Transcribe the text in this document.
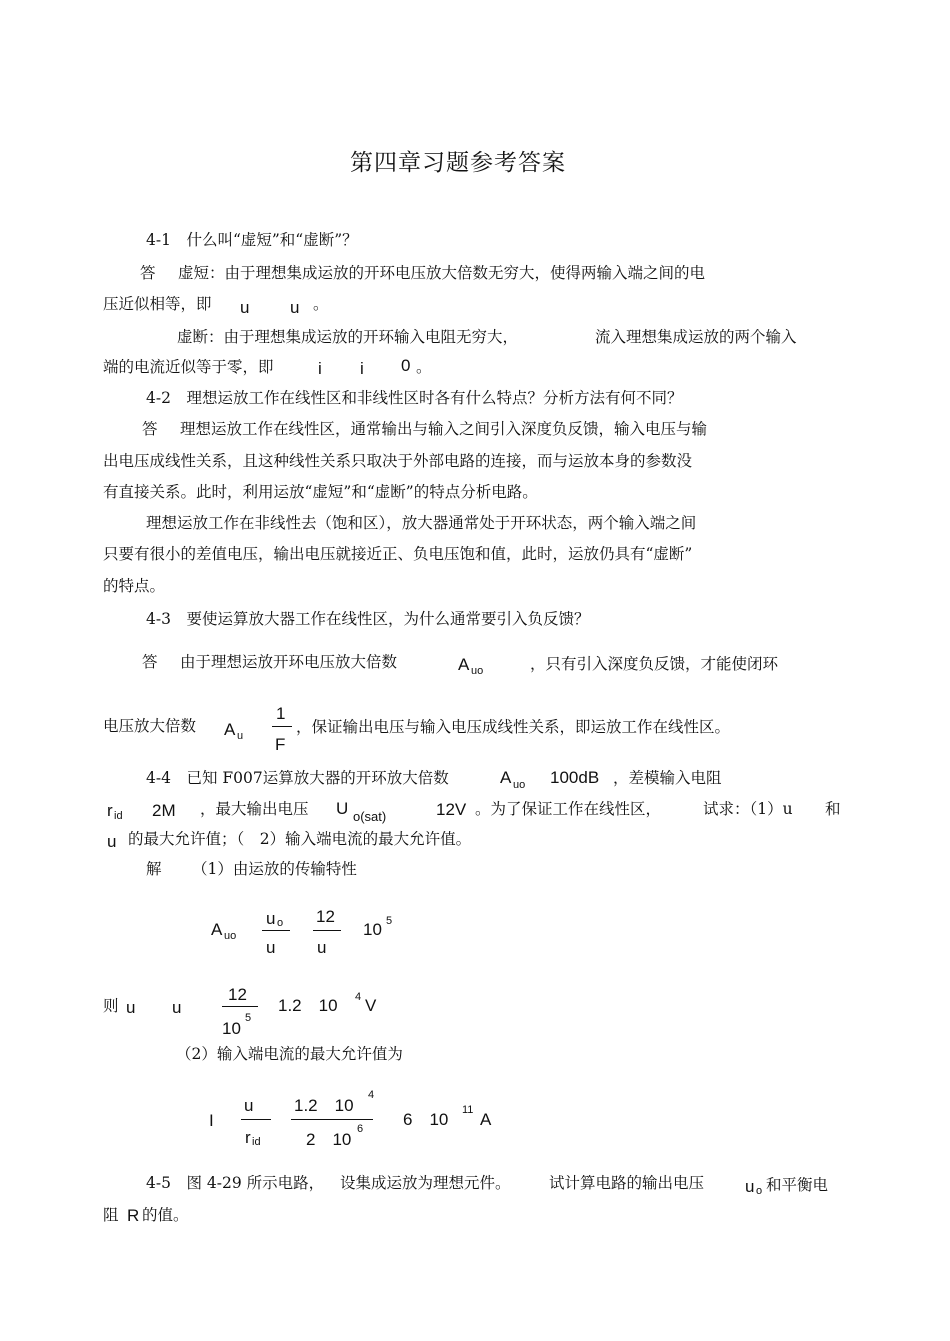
第四章习题参考答案
4-1　什么叫“虚短”和“虚断”？
答 虚短：由于理想集成运放的开环电压放大倍数无穷大，使得两输入端之间的电
压近似相等，即 u u 。
虚断：由于理想集成运放的开环输入电阻无穷大，	流入理想集成运放的两个输入
端的电流近似等于零，即	i i 0 。
4-2　理想运放工作在线性区和非线性区时各有什么特点？分析方法有何不同？
答 理想运放工作在线性区，通常输出与输入之间引入深度负反馈，输入电压与输
出电压成线性关系，且这种线性关系只取决于外部电路的连接，而与运放本身的参数没
有直接关系。此时，利用运放“虚短”和“虚断”的特点分析电路。
理想运放工作在非线性去（饱和区），放大器通常处于开环状态，两个输入端之间
只要有很小的差值电压，输出电压就接近正、负电压饱和值，此时，运放仍具有“虚断”
的特点。
4-3　要使运算放大器工作在线性区，为什么通常要引入负反馈？
答 由于理想运放开环电压放大倍数	A uo	，只有引入深度负反馈，才能使闭环
电压放大倍数 A u
1
F
，保证输出电压与输入电压成线性关系，即运放工作在线性区。
4-4　已知 F007运算放大器的开环放大倍数	A uo 100dB ，差模输入电阻
r id 2M ，最大输出电压 U o(sat)	12V 。为了保证工作在线性区，	试求：（1）u 和
u 的最大允许值；（　2）输入端电流的最大允许值。
解 （1）由运放的传输特性
A uo
u o
u
12
u
10 5
则 u u
12
10
5
1.2　10 4 V
（2）输入端电流的最大允许值为
I
u
r id
1.2　10
4
2　10
6 6　10 11 A
4-5　图 4-29 所示电路， 设集成运放为理想元件。 试计算电路的输出电压 u o 和平衡电
阻 R 的值。
